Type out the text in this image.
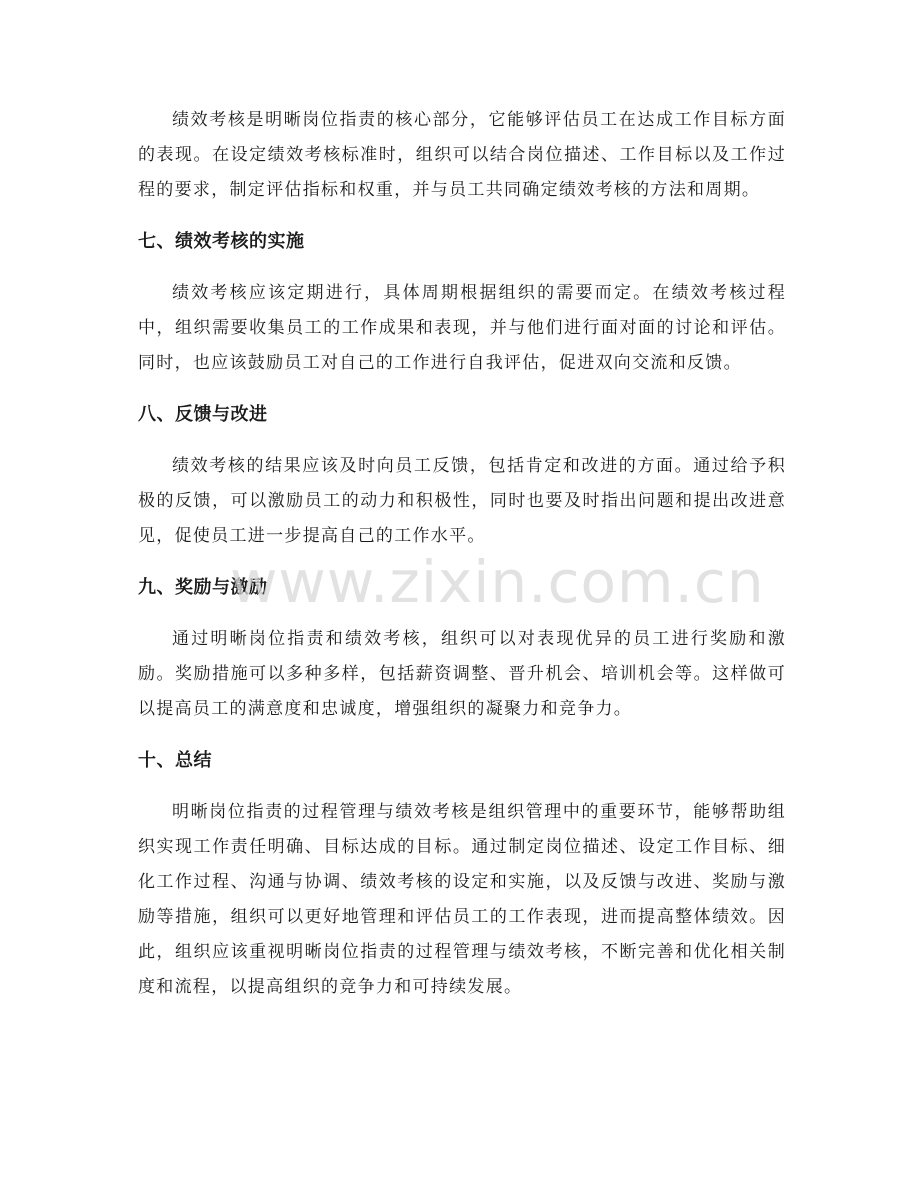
绩效考核是明晰岗位指责的核心部分，它能够评估员工在达成工作目标方面的表现。在设定绩效考核标准时，组织可以结合岗位描述、工作目标以及工作过程的要求，制定评估指标和权重，并与员工共同确定绩效考核的方法和周期。

七、绩效考核的实施

绩效考核应该定期进行，具体周期根据组织的需要而定。在绩效考核过程中，组织需要收集员工的工作成果和表现，并与他们进行面对面的讨论和评估。同时，也应该鼓励员工对自己的工作进行自我评估，促进双向交流和反馈。

八、反馈与改进

绩效考核的结果应该及时向员工反馈，包括肯定和改进的方面。通过给予积极的反馈，可以激励员工的动力和积极性，同时也要及时指出问题和提出改进意见，促使员工进一步提高自己的工作水平。

九、奖励与激励

通过明晰岗位指责和绩效考核，组织可以对表现优异的员工进行奖励和激励。奖励措施可以多种多样，包括薪资调整、晋升机会、培训机会等。这样做可以提高员工的满意度和忠诚度，增强组织的凝聚力和竞争力。

十、总结

明晰岗位指责的过程管理与绩效考核是组织管理中的重要环节，能够帮助组织实现工作责任明确、目标达成的目标。通过制定岗位描述、设定工作目标、细化工作过程、沟通与协调、绩效考核的设定和实施，以及反馈与改进、奖励与激励等措施，组织可以更好地管理和评估员工的工作表现，进而提高整体绩效。因此，组织应该重视明晰岗位指责的过程管理与绩效考核，不断完善和优化相关制度和流程，以提高组织的竞争力和可持续发展。

www.zixin.com.cn
